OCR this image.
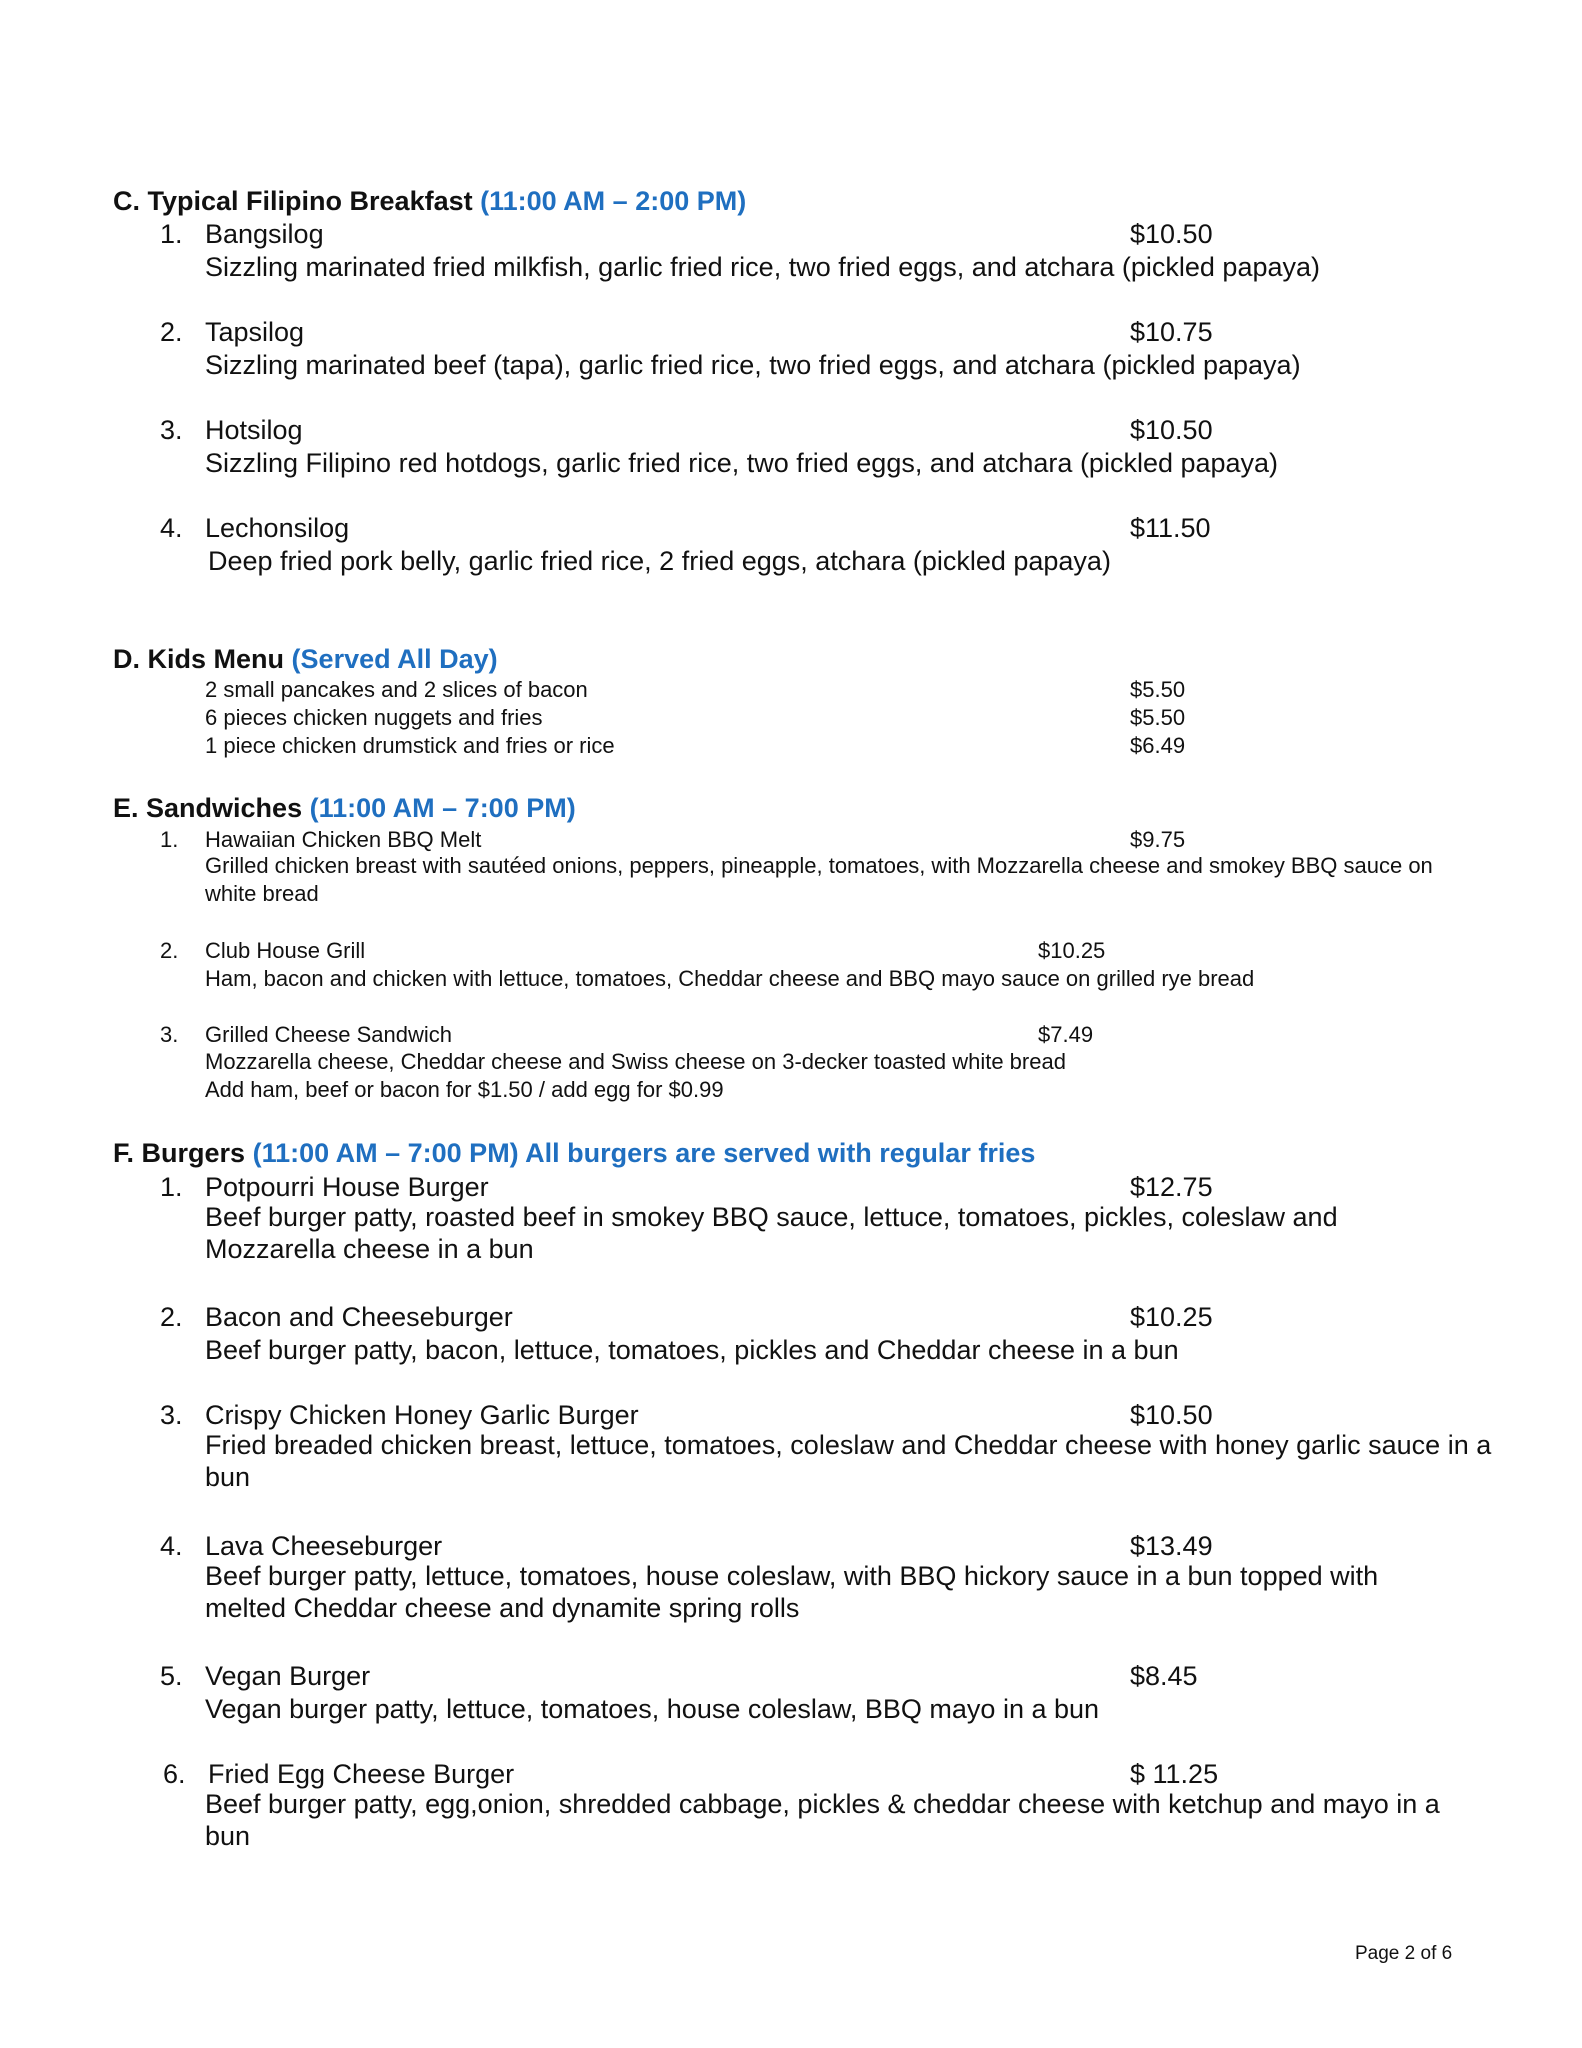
C. Typical Filipino Breakfast (11:00 AM – 2:00 PM)
1. Bangsilog	$10.50
Sizzling marinated fried milkfish, garlic fried rice, two fried eggs, and atchara (pickled papaya)
2. Tapsilog	$10.75
Sizzling marinated beef (tapa), garlic fried rice, two fried eggs, and atchara (pickled papaya)
3. Hotsilog	$10.50
Sizzling Filipino red hotdogs, garlic fried rice, two fried eggs, and atchara (pickled papaya)
4. Lechonsilog	$11.50
Deep fried pork belly, garlic fried rice, 2 fried eggs, atchara (pickled papaya)
D. Kids Menu (Served All Day)
2 small pancakes and 2 slices of bacon	$5.50
6 pieces chicken nuggets and fries	$5.50
1 piece chicken drumstick and fries or rice	$6.49
E. Sandwiches (11:00 AM – 7:00 PM)
1. Hawaiian Chicken BBQ Melt	$9.75
Grilled chicken breast with sautéed onions, peppers, pineapple, tomatoes, with Mozzarella cheese and smokey BBQ sauce on white bread
2. Club House Grill	$10.25
Ham, bacon and chicken with lettuce, tomatoes, Cheddar cheese and BBQ mayo sauce on grilled rye bread
3. Grilled Cheese Sandwich	$7.49
Mozzarella cheese, Cheddar cheese and Swiss cheese on 3-decker toasted white bread
Add ham, beef or bacon for $1.50 / add egg for $0.99
F. Burgers (11:00 AM – 7:00 PM) All burgers are served with regular fries
1. Potpourri House Burger	$12.75
Beef burger patty, roasted beef in smokey BBQ sauce, lettuce, tomatoes, pickles, coleslaw and Mozzarella cheese in a bun
2. Bacon and Cheeseburger	$10.25
Beef burger patty, bacon, lettuce, tomatoes, pickles and Cheddar cheese in a bun
3. Crispy Chicken Honey Garlic Burger	$10.50
Fried breaded chicken breast, lettuce, tomatoes, coleslaw and Cheddar cheese with honey garlic sauce in a bun
4. Lava Cheeseburger	$13.49
Beef burger patty, lettuce, tomatoes, house coleslaw, with BBQ hickory sauce in a bun topped with melted Cheddar cheese and dynamite spring rolls
5. Vegan Burger	$8.45
Vegan burger patty, lettuce, tomatoes, house coleslaw, BBQ mayo in a bun
6. Fried Egg Cheese Burger	$ 11.25
Beef burger patty, egg,onion, shredded cabbage, pickles & cheddar cheese with ketchup and mayo in a bun
Page 2 of 6
